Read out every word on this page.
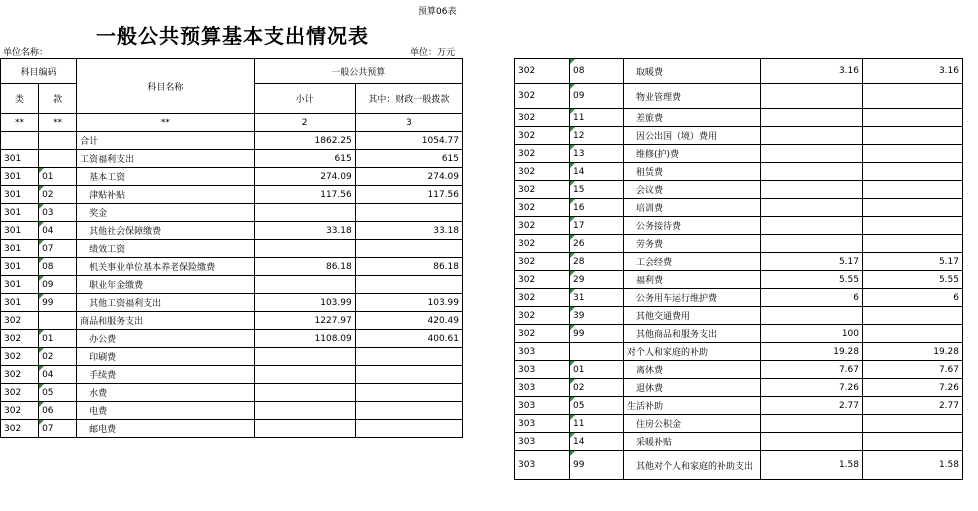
预算06表
一般公共预算基本支出情况表
单位名称：	单位：万元
科目编码		科目名称	一般公共预算	
类	款		小计	其中：财政一般拨款
**	**	**	2	3
		合计	1862.25	1054.77
301		工资福利支出	615	615
301	01	基本工资	274.09	274.09
301	02	津贴补贴	117.56	117.56
301	03	奖金		
301	04	其他社会保障缴费	33.18	33.18
301	07	绩效工资		
301	08	机关事业单位基本养老保险缴费	86.18	86.18
301	09	职业年金缴费		
301	99	其他工资福利支出	103.99	103.99
302		商品和服务支出	1227.97	420.49
302	01	办公费	1108.09	400.61
302	02	印刷费		
302	04	手续费		
302	05	水费		
302	06	电费		
302	07	邮电费		
302	08	取暖费	3.16	3.16
302	09	物业管理费		
302	11	差旅费		
302	12	因公出国（境）费用		
302	13	维修(护)费		
302	14	租赁费		
302	15	会议费		
302	16	培训费		
302	17	公务接待费		
302	26	劳务费		
302	28	工会经费	5.17	5.17
302	29	福利费	5.55	5.55
302	31	公务用车运行维护费	6	6
302	39	其他交通费用		
302	99	其他商品和服务支出	100	
303		对个人和家庭的补助	19.28	19.28
303	01	离休费	7.67	7.67
303	02	退休费	7.26	7.26
303	05	生活补助	2.77	2.77
303	11	住房公积金		
303	14	采暖补贴		
303	99	其他对个人和家庭的补助支出	1.58	1.58
